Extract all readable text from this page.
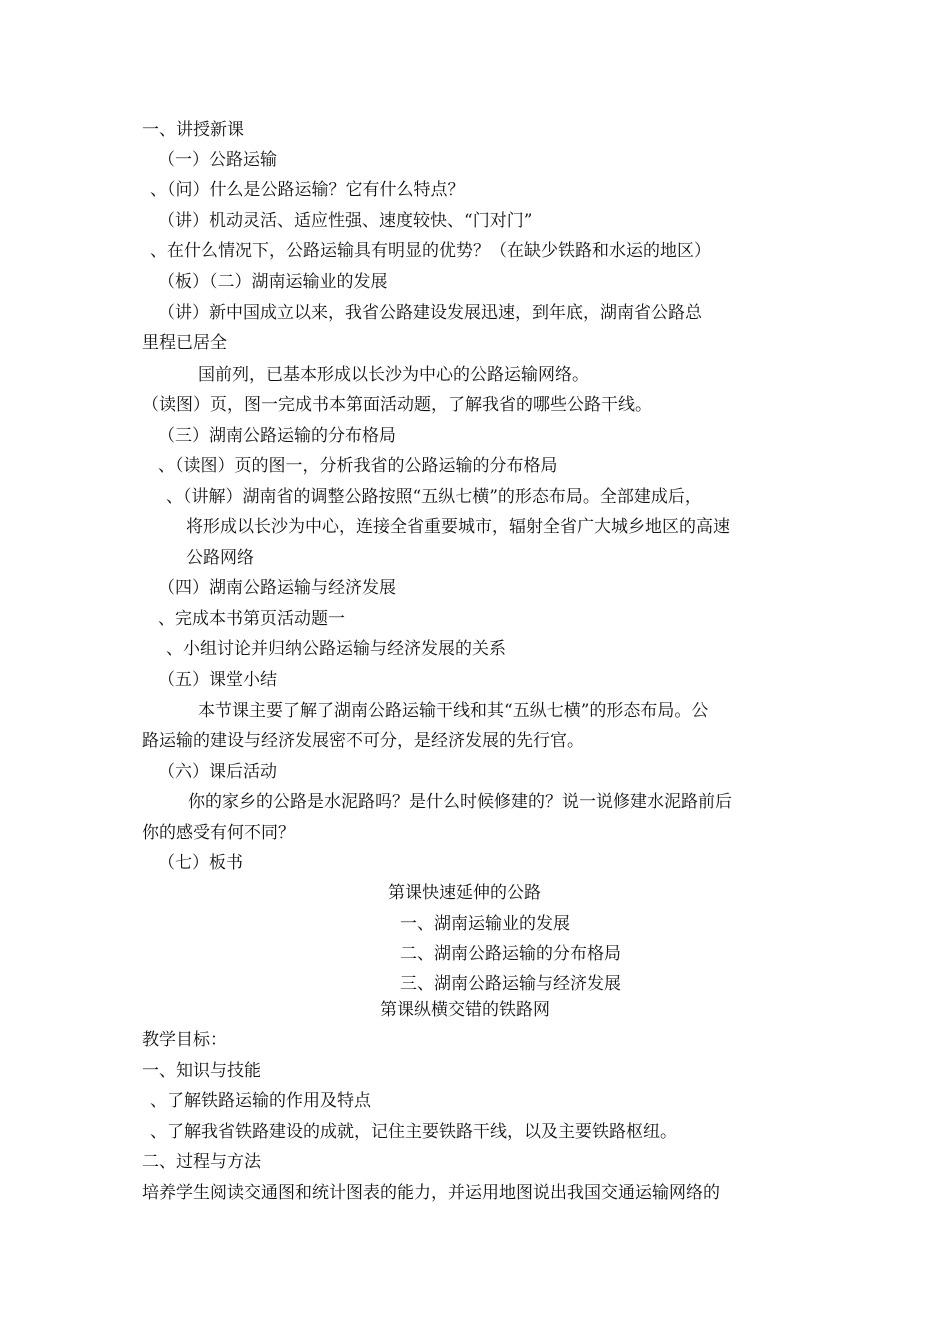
一、讲授新课
（一）公路运输
、（问）什么是公路运输？它有什么特点？
（讲）机动灵活、适应性强、速度较快、“门对门”
、在什么情况下，公路运输具有明显的优势？（在缺少铁路和水运的地区）
（板）（二）湖南运输业的发展
（讲）新中国成立以来，我省公路建设发展迅速，到年底，湖南省公路总
里程已居全
国前列，已基本形成以长沙为中心的公路运输网络。
（读图）页，图一完成书本第面活动题，了解我省的哪些公路干线。
（三）湖南公路运输的分布格局
、（读图）页的图一，分析我省的公路运输的分布格局
、（讲解）湖南省的调整公路按照“五纵七横”的形态布局。全部建成后，
将形成以长沙为中心，连接全省重要城市，辐射全省广大城乡地区的高速
公路网络
（四）湖南公路运输与经济发展
、完成本书第页活动题一
、小组讨论并归纳公路运输与经济发展的关系
（五）课堂小结
本节课主要了解了湖南公路运输干线和其“五纵七横”的形态布局。公
路运输的建设与经济发展密不可分，是经济发展的先行官。
（六）课后活动
你的家乡的公路是水泥路吗？是什么时候修建的？说一说修建水泥路前后
你的感受有何不同？
（七）板书
第课快速延伸的公路
一、湖南运输业的发展
二、湖南公路运输的分布格局
三、湖南公路运输与经济发展
第课纵横交错的铁路网
教学目标：
一、知识与技能
、了解铁路运输的作用及特点
、了解我省铁路建设的成就，记住主要铁路干线，以及主要铁路枢纽。
二、过程与方法
培养学生阅读交通图和统计图表的能力，并运用地图说出我国交通运输网络的
